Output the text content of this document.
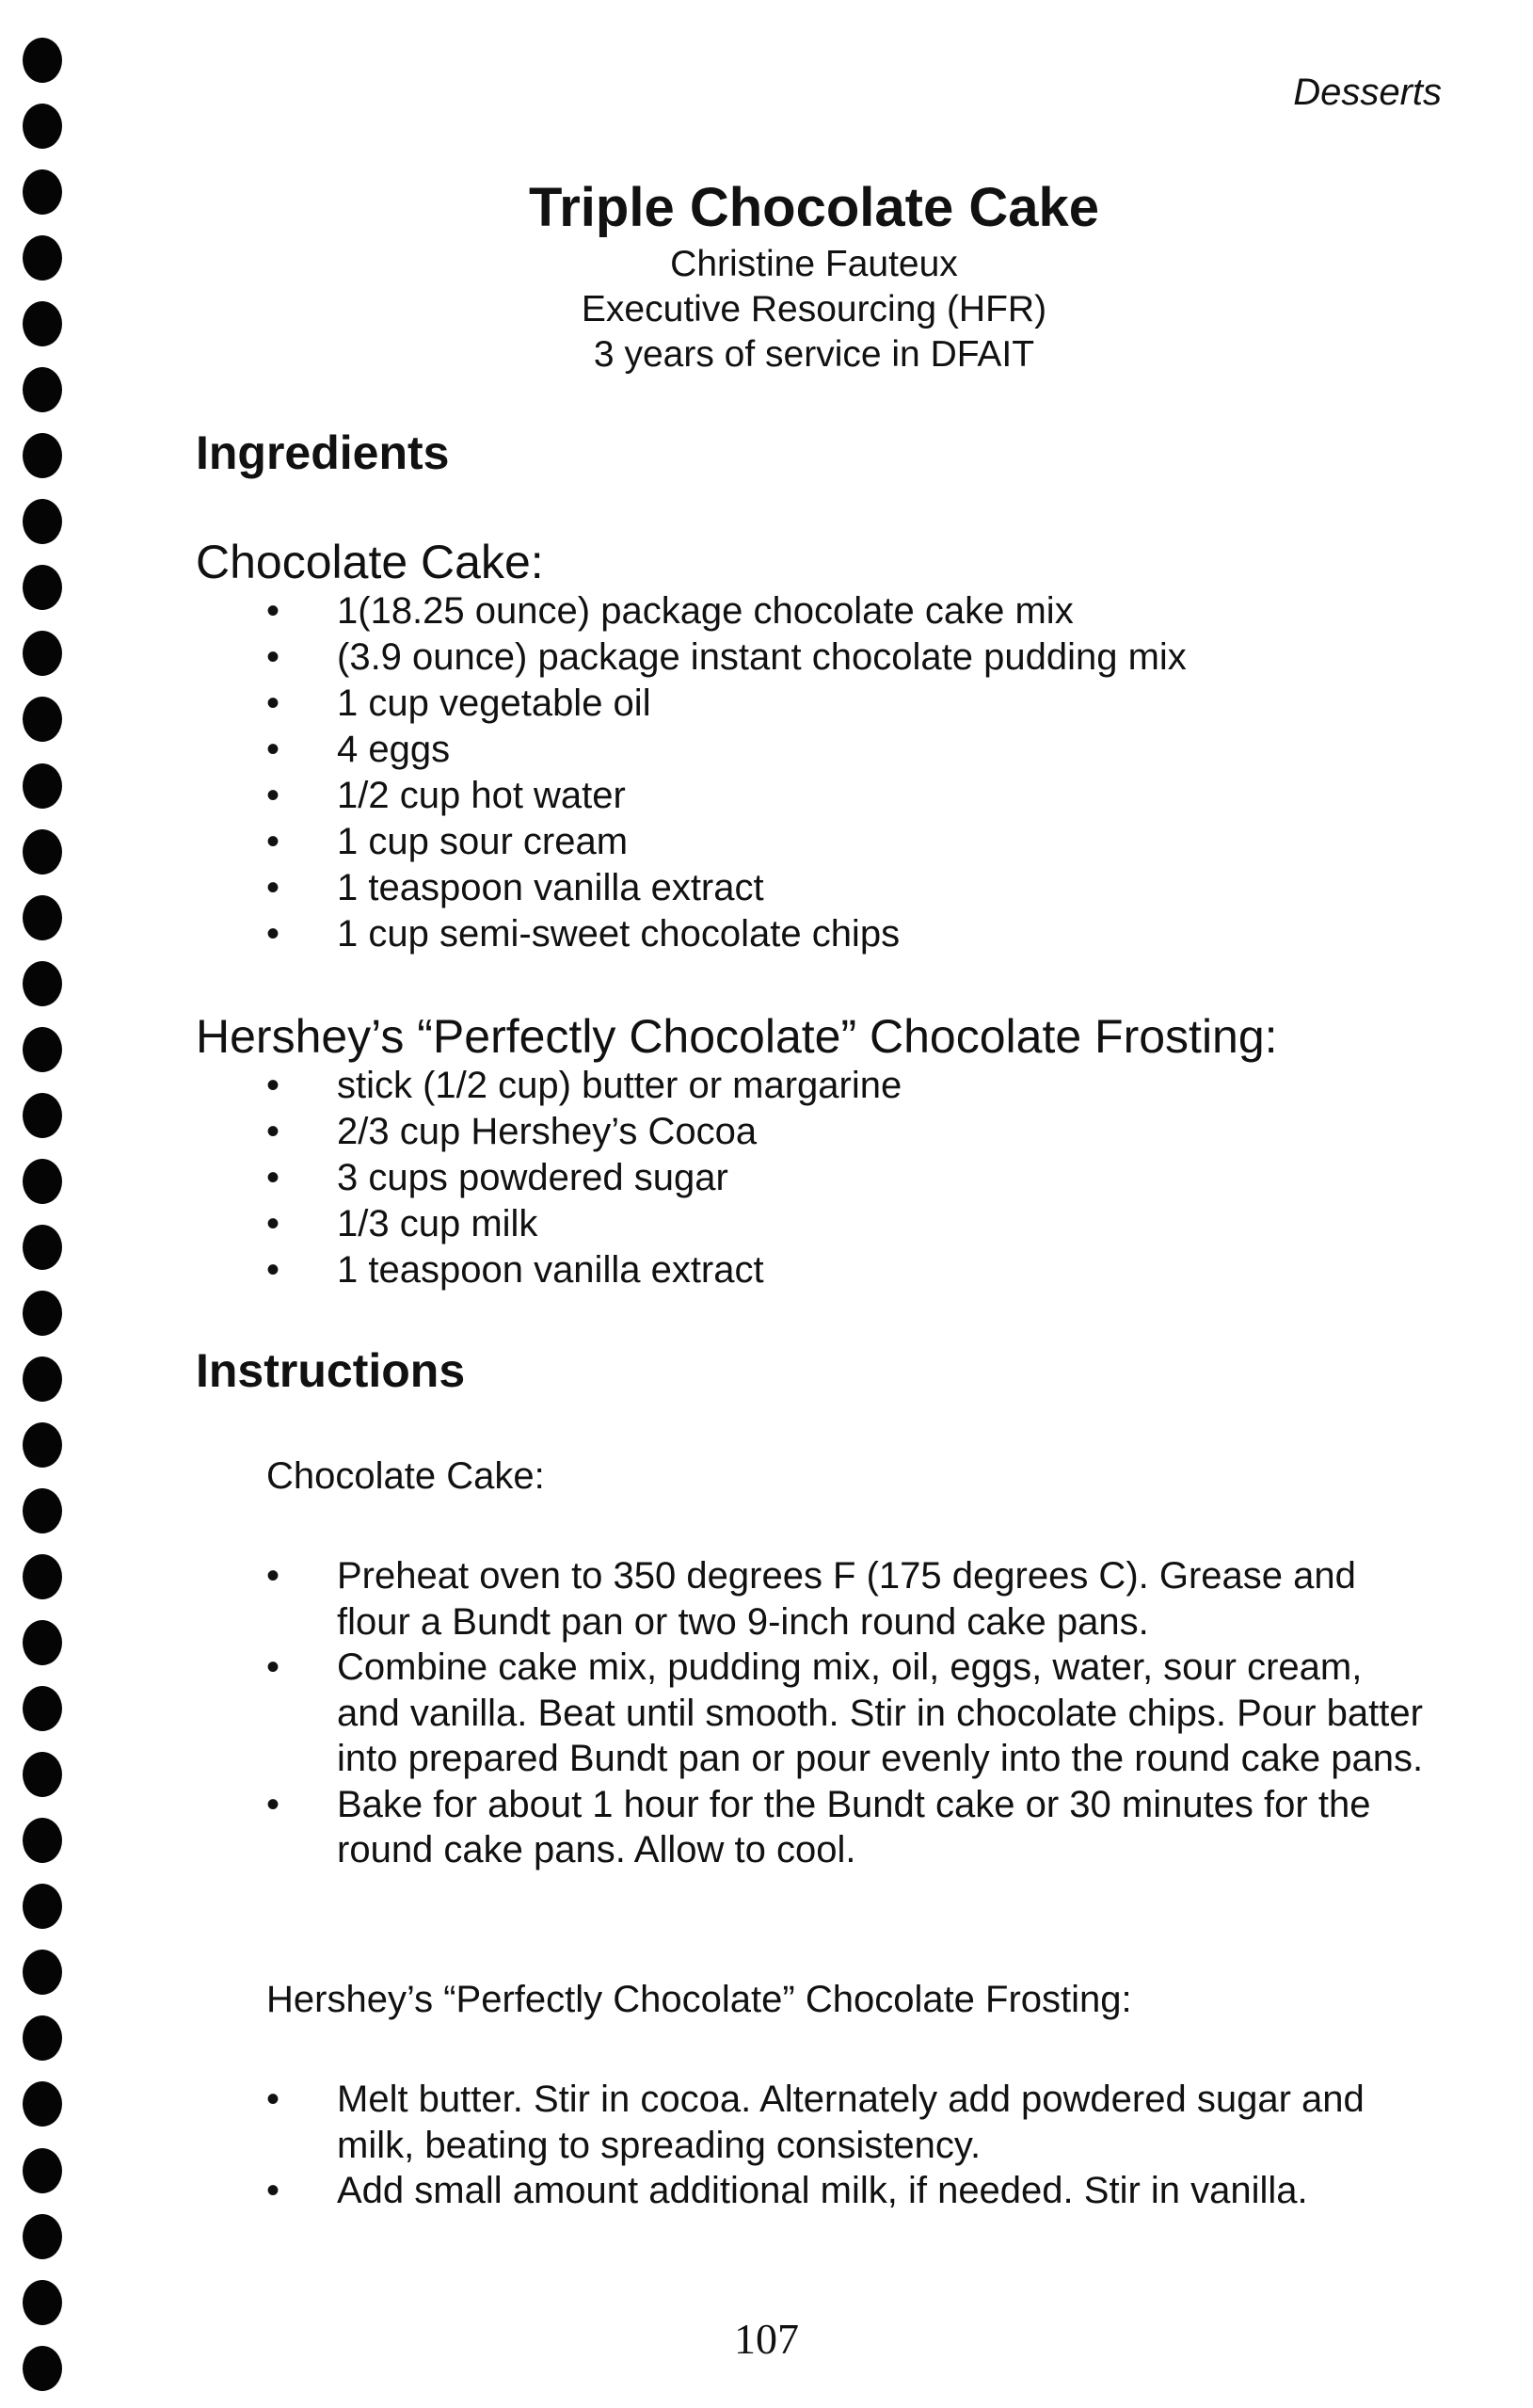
Desserts
Triple Chocolate Cake
Christine Fauteux
Executive Resourcing (HFR)
3 years of service in DFAIT
Ingredients
Chocolate Cake:
• 1(18.25 ounce) package chocolate cake mix
• (3.9 ounce) package instant chocolate pudding mix
• 1 cup vegetable oil
• 4 eggs
• 1/2 cup hot water
• 1 cup sour cream
• 1 teaspoon vanilla extract
• 1 cup semi-sweet chocolate chips
Hershey’s “Perfectly Chocolate” Chocolate Frosting:
• stick (1/2 cup) butter or margarine
• 2/3 cup Hershey’s Cocoa
• 3 cups powdered sugar
• 1/3 cup milk
• 1 teaspoon vanilla extract
Instructions
Chocolate Cake:
• Preheat oven to 350 degrees F (175 degrees C). Grease and flour a Bundt pan or two 9-inch round cake pans.
• Combine cake mix, pudding mix, oil, eggs, water, sour cream, and vanilla. Beat until smooth. Stir in chocolate chips. Pour batter into prepared Bundt pan or pour evenly into the round cake pans.
• Bake for about 1 hour for the Bundt cake or 30 minutes for the round cake pans. Allow to cool.
Hershey’s “Perfectly Chocolate” Chocolate Frosting:
• Melt butter. Stir in cocoa. Alternately add powdered sugar and milk, beating to spreading consistency.
• Add small amount additional milk, if needed. Stir in vanilla.
107
